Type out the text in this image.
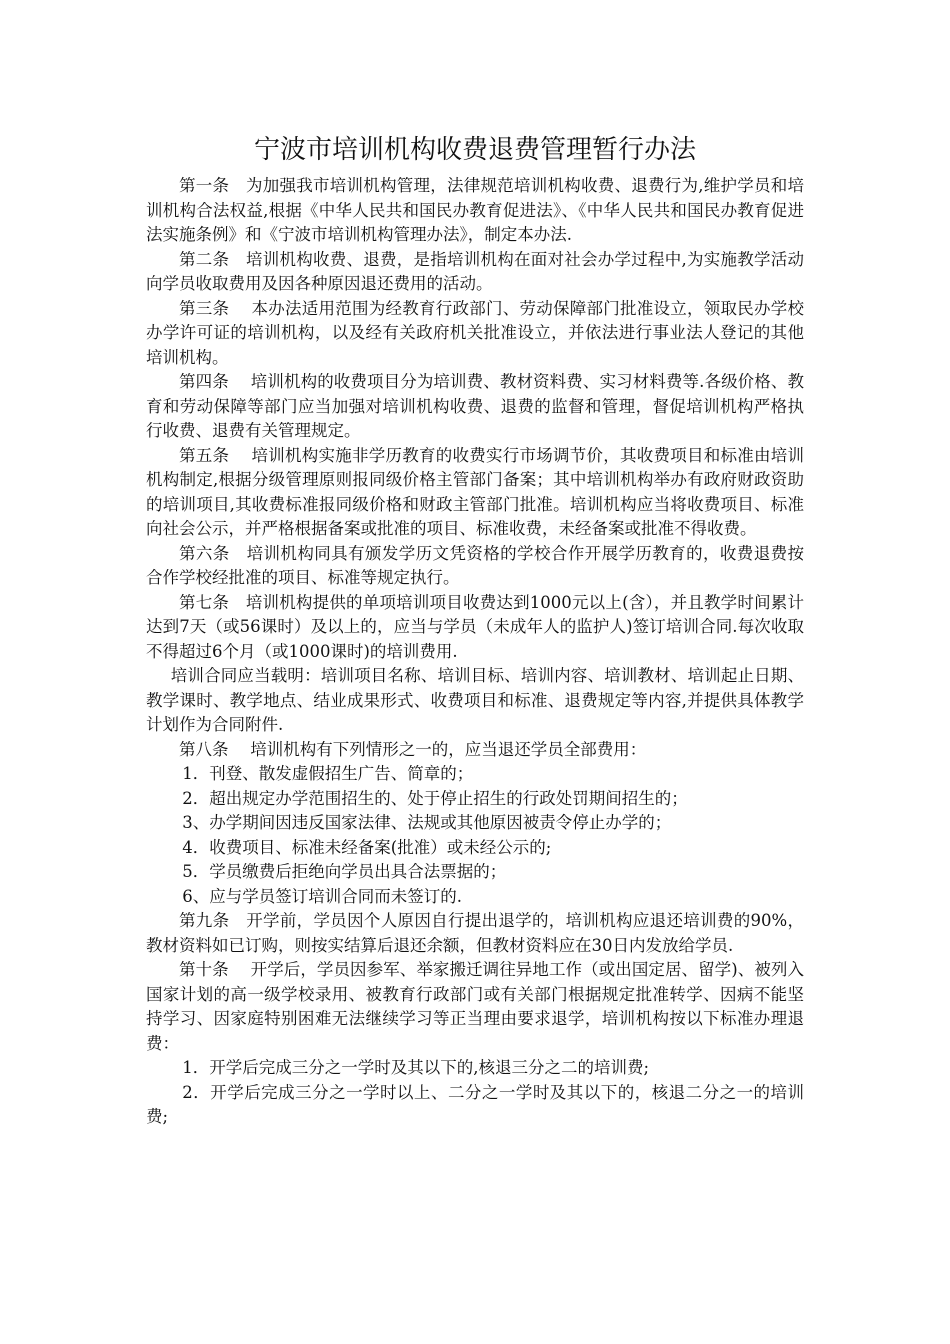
宁波市培训机构收费退费管理暂行办法

第一条　为加强我市培训机构管理，法律规范培训机构收费、退费行为,维护学员和培训机构合法权益,根据《中华人民共和国民办教育促进法》、《中华人民共和国民办教育促进法实施条例》和《宁波市培训机构管理办法》，制定本办法.

第二条　培训机构收费、退费，是指培训机构在面对社会办学过程中,为实施教学活动向学员收取费用及因各种原因退还费用的活动。

第三条　 本办法适用范围为经教育行政部门、劳动保障部门批准设立，领取民办学校办学许可证的培训机构，以及经有关政府机关批准设立，并依法进行事业法人登记的其他培训机构。

第四条　 培训机构的收费项目分为培训费、教材资料费、实习材料费等.各级价格、教育和劳动保障等部门应当加强对培训机构收费、退费的监督和管理，督促培训机构严格执行收费、退费有关管理规定。

第五条　 培训机构实施非学历教育的收费实行市场调节价，其收费项目和标准由培训机构制定,根据分级管理原则报同级价格主管部门备案；其中培训机构举办有政府财政资助的培训项目,其收费标准报同级价格和财政主管部门批准。培训机构应当将收费项目、标准向社会公示，并严格根据备案或批准的项目、标准收费，未经备案或批准不得收费。

第六条　培训机构同具有颁发学历文凭资格的学校合作开展学历教育的，收费退费按合作学校经批准的项目、标准等规定执行。

第七条　培训机构提供的单项培训项目收费达到1000元以上(含），并且教学时间累计达到7天（或56课时）及以上的，应当与学员（未成年人的监护人)签订培训合同.每次收取不得超过6个月（或1000课时)的培训费用.

培训合同应当载明：培训项目名称、培训目标、培训内容、培训教材、培训起止日期、教学课时、教学地点、结业成果形式、收费项目和标准、退费规定等内容,并提供具体教学计划作为合同附件.

第八条　 培训机构有下列情形之一的，应当退还学员全部费用：

1．刊登、散发虚假招生广告、简章的；

2．超出规定办学范围招生的、处于停止招生的行政处罚期间招生的；

3、办学期间因违反国家法律、法规或其他原因被责令停止办学的；

4．收费项目、标准未经备案(批准）或未经公示的;

5．学员缴费后拒绝向学员出具合法票据的；

6、应与学员签订培训合同而未签订的.

第九条　开学前，学员因个人原因自行提出退学的，培训机构应退还培训费的90%，教材资料如已订购，则按实结算后退还余额，但教材资料应在30日内发放给学员.

第十条　 开学后，学员因参军、举家搬迁调往异地工作（或出国定居、留学)、被列入国家计划的高一级学校录用、被教育行政部门或有关部门根据规定批准转学、因病不能坚持学习、因家庭特别困难无法继续学习等正当理由要求退学，培训机构按以下标准办理退费：

1．开学后完成三分之一学时及其以下的,核退三分之二的培训费;

2．开学后完成三分之一学时以上、二分之一学时及其以下的，核退二分之一的培训费;
